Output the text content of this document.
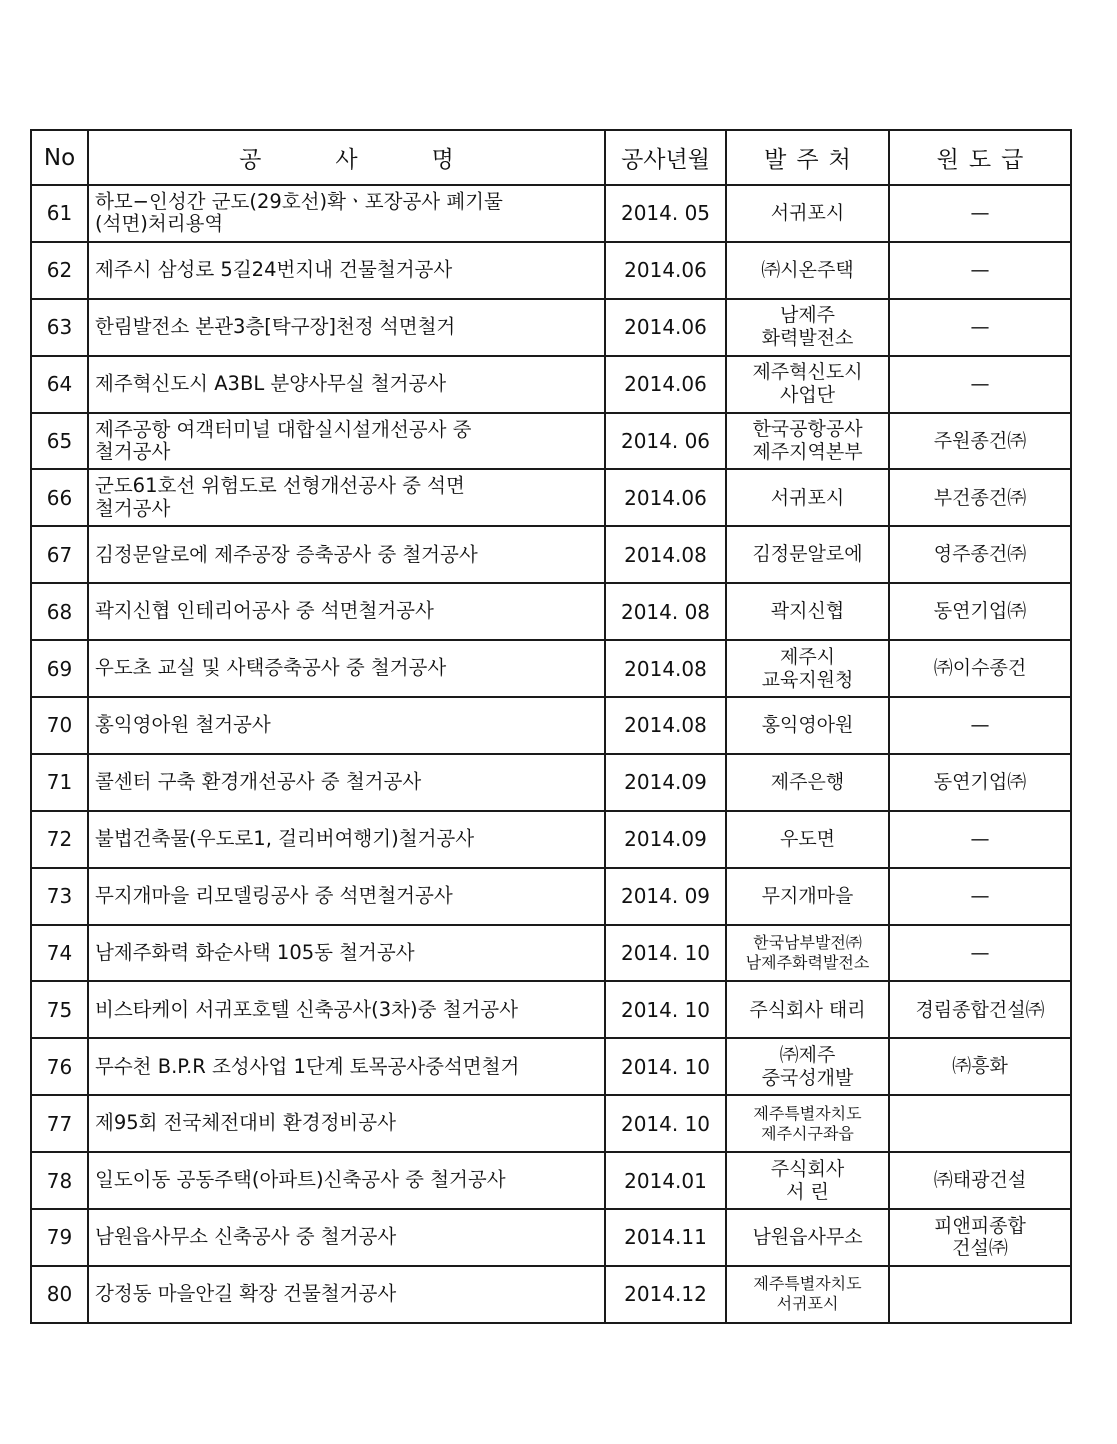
No	공사명	공사년월	발주처	원도급

61	하모−인성간 군도(29호선)확ㆍ포장공사 폐기물
(석면)처리용역	2014. 05	서귀포시	—

62	제주시 삼성로 5길24번지내 건물철거공사	2014.06	㈜시온주택	—

63	한림발전소 본관3층[탁구장]천정 석면철거	2014.06	남제주
화력발전소	—

64	제주혁신도시 A3BL 분양사무실 철거공사	2014.06	제주혁신도시
사업단	—

65	제주공항 여객터미널 대합실시설개선공사 중
철거공사	2014. 06	한국공항공사
제주지역본부	주원종건㈜

66	군도61호선 위험도로 선형개선공사 중 석면
철거공사	2014.06	서귀포시	부건종건㈜

67	김정문알로에 제주공장 증축공사 중 철거공사	2014.08	김정문알로에	영주종건㈜

68	곽지신협 인테리어공사 중 석면철거공사	2014. 08	곽지신협	동연기업㈜

69	우도초 교실 및 사택증축공사 중 철거공사	2014.08	제주시
교육지원청	㈜이수종건

70	홍익영아원 철거공사	2014.08	홍익영아원	—

71	콜센터 구축 환경개선공사 중 철거공사	2014.09	제주은행	동연기업㈜

72	불법건축물(우도로1, 걸리버여행기)철거공사	2014.09	우도면	—

73	무지개마을 리모델링공사 중 석면철거공사	2014. 09	무지개마을	—

74	남제주화력 화순사택 105동 철거공사	2014. 10	한국남부발전㈜
남제주화력발전소	—

75	비스타케이 서귀포호텔 신축공사(3차)중 철거공사	2014. 10	주식회사 태리	경림종합건설㈜

76	무수천 B.P.R 조성사업 1단계 토목공사중석면철거	2014. 10	㈜제주
중국성개발	㈜흥화

77	제95회 전국체전대비 환경정비공사	2014. 10	제주특별자치도
제주시구좌읍	

78	일도이동 공동주택(아파트)신축공사 중 철거공사	2014.01	주식회사
서 린	㈜태광건설

79	남원읍사무소 신축공사 중 철거공사	2014.11	남원읍사무소	피앤피종합
건설㈜

80	강정동 마을안길 확장 건물철거공사	2014.12	제주특별자치도
서귀포시	
